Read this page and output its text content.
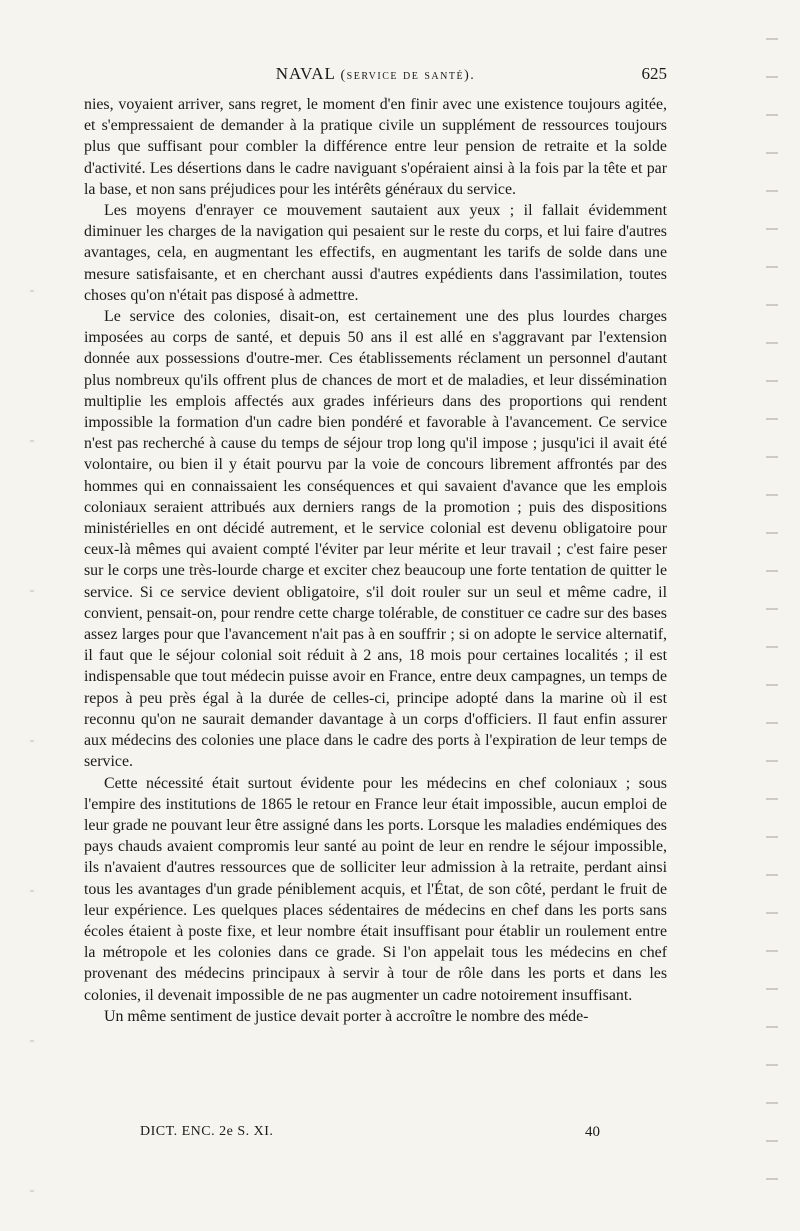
NAVAL (service de santé).	625

nies, voyaient arriver, sans regret, le moment d'en finir avec une existence toujours agitée, et s'empressaient de demander à la pratique civile un supplément de ressources toujours plus que suffisant pour combler la différence entre leur pension de retraite et la solde d'activité. Les désertions dans le cadre naviguant s'opéraient ainsi à la fois par la tête et par la base, et non sans préjudices pour les intérêts généraux du service.

Les moyens d'enrayer ce mouvement sautaient aux yeux ; il fallait évidemment diminuer les charges de la navigation qui pesaient sur le reste du corps, et lui faire d'autres avantages, cela, en augmentant les effectifs, en augmentant les tarifs de solde dans une mesure satisfaisante, et en cherchant aussi d'autres expédients dans l'assimilation, toutes choses qu'on n'était pas disposé à admettre.

Le service des colonies, disait-on, est certainement une des plus lourdes charges imposées au corps de santé, et depuis 50 ans il est allé en s'aggravant par l'extension donnée aux possessions d'outre-mer. Ces établissements réclament un personnel d'autant plus nombreux qu'ils offrent plus de chances de mort et de maladies, et leur dissémination multiplie les emplois affectés aux grades inférieurs dans des proportions qui rendent impossible la formation d'un cadre bien pondéré et favorable à l'avancement. Ce service n'est pas recherché à cause du temps de séjour trop long qu'il impose ; jusqu'ici il avait été volontaire, ou bien il y était pourvu par la voie de concours librement affrontés par des hommes qui en connaissaient les conséquences et qui savaient d'avance que les emplois coloniaux seraient attribués aux derniers rangs de la promotion ; puis des dispositions ministérielles en ont décidé autrement, et le service colonial est devenu obligatoire pour ceux-là mêmes qui avaient compté l'éviter par leur mérite et leur travail ; c'est faire peser sur le corps une très-lourde charge et exciter chez beaucoup une forte tentation de quitter le service. Si ce service devient obligatoire, s'il doit rouler sur un seul et même cadre, il convient, pensait-on, pour rendre cette charge tolérable, de constituer ce cadre sur des bases assez larges pour que l'avancement n'ait pas à en souffrir ; si on adopte le service alternatif, il faut que le séjour colonial soit réduit à 2 ans, 18 mois pour certaines localités ; il est indispensable que tout médecin puisse avoir en France, entre deux campagnes, un temps de repos à peu près égal à la durée de celles-ci, principe adopté dans la marine où il est reconnu qu'on ne saurait demander davantage à un corps d'officiers. Il faut enfin assurer aux médecins des colonies une place dans le cadre des ports à l'expiration de leur temps de service.

Cette nécessité était surtout évidente pour les médecins en chef coloniaux ; sous l'empire des institutions de 1865 le retour en France leur était impossible, aucun emploi de leur grade ne pouvant leur être assigné dans les ports. Lorsque les maladies endémiques des pays chauds avaient compromis leur santé au point de leur en rendre le séjour impossible, ils n'avaient d'autres ressources que de solliciter leur admission à la retraite, perdant ainsi tous les avantages d'un grade péniblement acquis, et l'État, de son côté, perdant le fruit de leur expérience. Les quelques places sédentaires de médecins en chef dans les ports sans écoles étaient à poste fixe, et leur nombre était insuffisant pour établir un roulement entre la métropole et les colonies dans ce grade. Si l'on appelait tous les médecins en chef provenant des médecins principaux à servir à tour de rôle dans les ports et dans les colonies, il devenait impossible de ne pas augmenter un cadre notoirement insuffisant.

Un même sentiment de justice devait porter à accroître le nombre des méde-

DICT. ENC. 2e S. XI.	40
